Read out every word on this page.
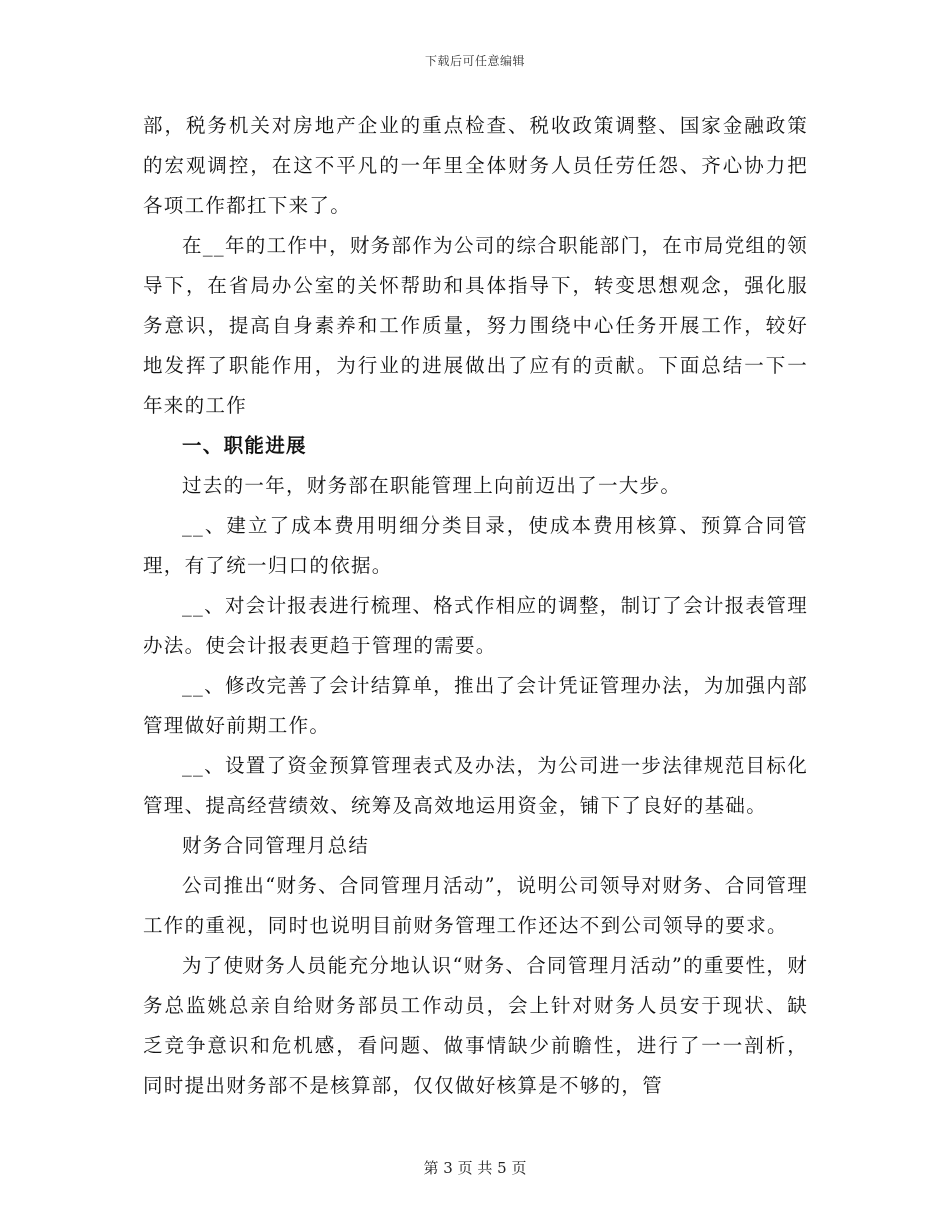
下载后可任意编辑

部，税务机关对房地产企业的重点检查、税收政策调整、国家金融政策的宏观调控，在这不平凡的一年里全体财务人员任劳任怨、齐心协力把各项工作都扛下来了。

在__年的工作中，财务部作为公司的综合职能部门，在市局党组的领导下，在省局办公室的关怀帮助和具体指导下，转变思想观念，强化服务意识，提高自身素养和工作质量，努力围绕中心任务开展工作，较好地发挥了职能作用，为行业的进展做出了应有的贡献。下面总结一下一年来的工作

一、职能进展

过去的一年，财务部在职能管理上向前迈出了一大步。

__、建立了成本费用明细分类目录，使成本费用核算、预算合同管理，有了统一归口的依据。

__、对会计报表进行梳理、格式作相应的调整，制订了会计报表管理办法。使会计报表更趋于管理的需要。

__、修改完善了会计结算单，推出了会计凭证管理办法，为加强内部管理做好前期工作。

__、设置了资金预算管理表式及办法，为公司进一步法律规范目标化管理、提高经营绩效、统筹及高效地运用资金，铺下了良好的基础。

财务合同管理月总结

公司推出“财务、合同管理月活动”，说明公司领导对财务、合同管理工作的重视，同时也说明目前财务管理工作还达不到公司领导的要求。

为了使财务人员能充分地认识“财务、合同管理月活动”的重要性，财务总监姚总亲自给财务部员工作动员，会上针对财务人员安于现状、缺乏竞争意识和危机感，看问题、做事情缺少前瞻性，进行了一一剖析，同时提出财务部不是核算部，仅仅做好核算是不够的，管

第 3 页 共 5 页
